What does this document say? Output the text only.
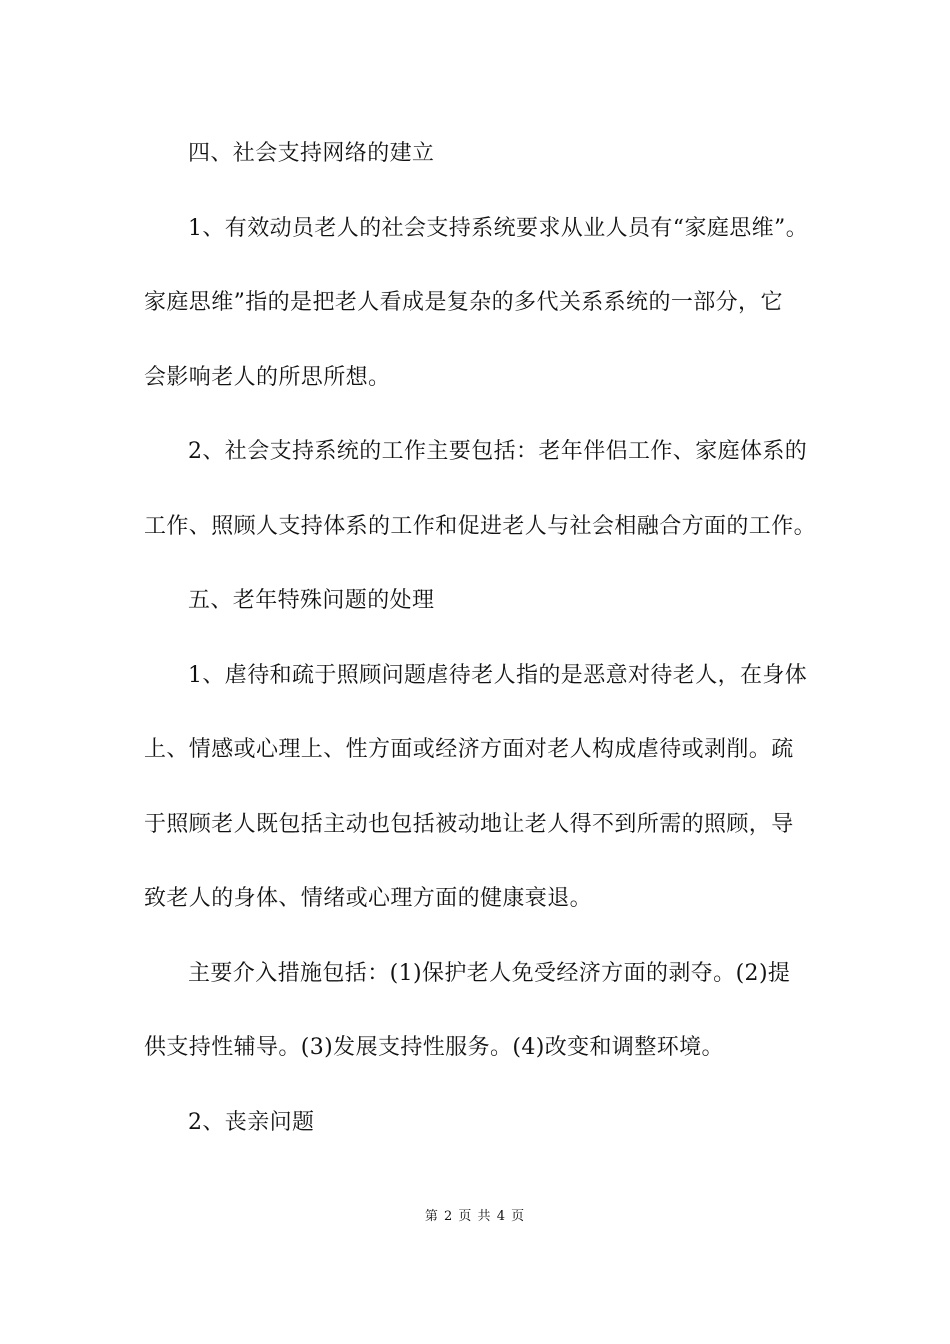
四、社会支持网络的建立
1、有效动员老人的社会支持系统要求从业人员有“家庭思维”。
家庭思维”指的是把老人看成是复杂的多代关系系统的一部分，它
会影响老人的所思所想。
2、社会支持系统的工作主要包括：老年伴侣工作、家庭体系的
工作、照顾人支持体系的工作和促进老人与社会相融合方面的工作。
五、老年特殊问题的处理
1、虐待和疏于照顾问题虐待老人指的是恶意对待老人，在身体
上、情感或心理上、性方面或经济方面对老人构成虐待或剥削。疏
于照顾老人既包括主动也包括被动地让老人得不到所需的照顾，导
致老人的身体、情绪或心理方面的健康衰退。
主要介入措施包括：(1)保护老人免受经济方面的剥夺。(2)提
供支持性辅导。(3)发展支持性服务。(4)改变和调整环境。
2、丧亲问题
第 2 页 共 4 页
